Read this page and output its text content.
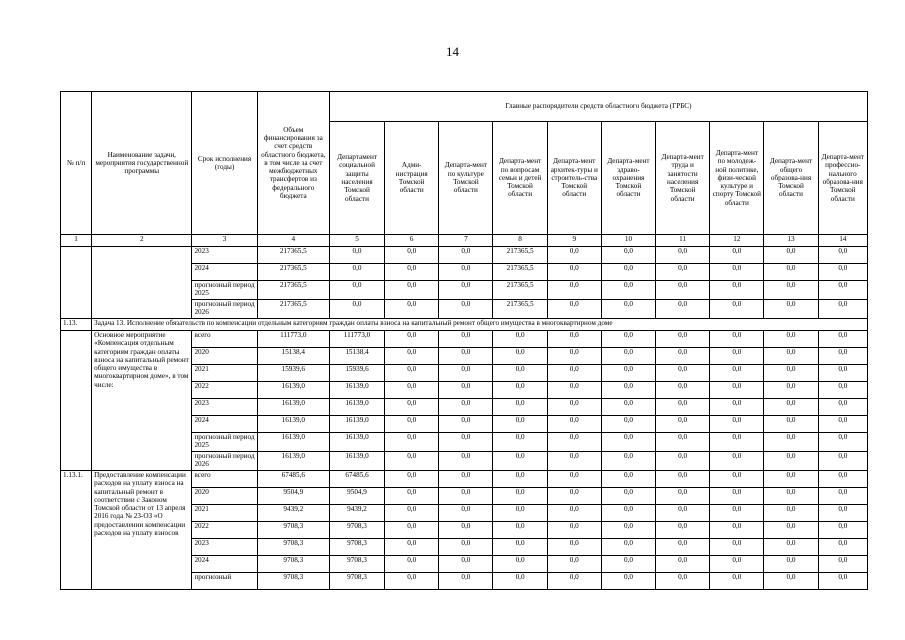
14
№ п/п	Наименование задачи, мероприятия государственной программы	Срок исполнения (годы)	Объем финансирования за счет средств областного бюджета, в том числе за счет межбюджетных трансфертов из федерального бюджета	Главные распорядители средств областного бюджета (ГРБС)									
				Департамент социальной защиты населения Томской области	Адми-нистрация Томской области	Департа-мент по культуре Томской области	Департа-мент по вопросам семьи и детей Томской области	Департа-мент архитек-туры и строитель-ства Томской области	Департа-мент здраво-охранения Томской области	Департа-мент труда и занятости населения Томской области	Департа-мент по молодеж-ной политике, физи-ческой культуре и спорту Томской области	Департа-мент общего образова-ния Томской области	Департа-мент профессио-нального образова-ния Томской области
1	2	3	4	5	6	7	8	9	10	11	12	13	14
		2023	217365,5	0,0	0,0	0,0	217365,5	0,0	0,0	0,0	0,0	0,0	0,0
		2024	217365,5	0,0	0,0	0,0	217365,5	0,0	0,0	0,0	0,0	0,0	0,0
		прогнозный период 2025	217365,5	0,0	0,0	0,0	217365,5	0,0	0,0	0,0	0,0	0,0	0,0
		прогнозный период 2026	217365,5	0,0	0,0	0,0	217365,5	0,0	0,0	0,0	0,0	0,0	0,0
1.13.	Задача 13. Исполнение обязательств по компенсации отдельным категориям граждан оплаты взноса на капитальный ремонт общего имущества в многоквартирном доме												
	Основное мероприятие «Компенсация отдельным категориям граждан оплаты взноса на капитальный ремонт общего имущества в многоквартирном доме», в том числе:	всего	111773,0	111773,0	0,0	0,0	0,0	0,0	0,0	0,0	0,0	0,0	0,0
		2020	15138,4	15138,4	0,0	0,0	0,0	0,0	0,0	0,0	0,0	0,0	0,0
		2021	15939,6	15939,6	0,0	0,0	0,0	0,0	0,0	0,0	0,0	0,0	0,0
		2022	16139,0	16139,0	0,0	0,0	0,0	0,0	0,0	0,0	0,0	0,0	0,0
		2023	16139,0	16139,0	0,0	0,0	0,0	0,0	0,0	0,0	0,0	0,0	0,0
		2024	16139,0	16139,0	0,0	0,0	0,0	0,0	0,0	0,0	0,0	0,0	0,0
		прогнозный период 2025	16139,0	16139,0	0,0	0,0	0,0	0,0	0,0	0,0	0,0	0,0	0,0
		прогнозный период 2026	16139,0	16139,0	0,0	0,0	0,0	0,0	0,0	0,0	0,0	0,0	0,0
1.13.1.	Предоставление компенсации расходов на уплату взноса на капитальный ремонт в соответствии с Законом Томской области от 13 апреля 2016 года № 23-ОЗ «О предоставлении компенсации расходов на уплату взносов	всего	67485,6	67485,6	0,0	0,0	0,0	0,0	0,0	0,0	0,0	0,0	0,0
		2020	9504,9	9504,9	0,0	0,0	0,0	0,0	0,0	0,0	0,0	0,0	0,0
		2021	9439,2	9439,2	0,0	0,0	0,0	0,0	0,0	0,0	0,0	0,0	0,0
		2022	9708,3	9708,3	0,0	0,0	0,0	0,0	0,0	0,0	0,0	0,0	0,0
		2023	9708,3	9708,3	0,0	0,0	0,0	0,0	0,0	0,0	0,0	0,0	0,0
		2024	9708,3	9708,3	0,0	0,0	0,0	0,0	0,0	0,0	0,0	0,0	0,0
		прогнозный	9708,3	9708,3	0,0	0,0	0,0	0,0	0,0	0,0	0,0	0,0	0,0
